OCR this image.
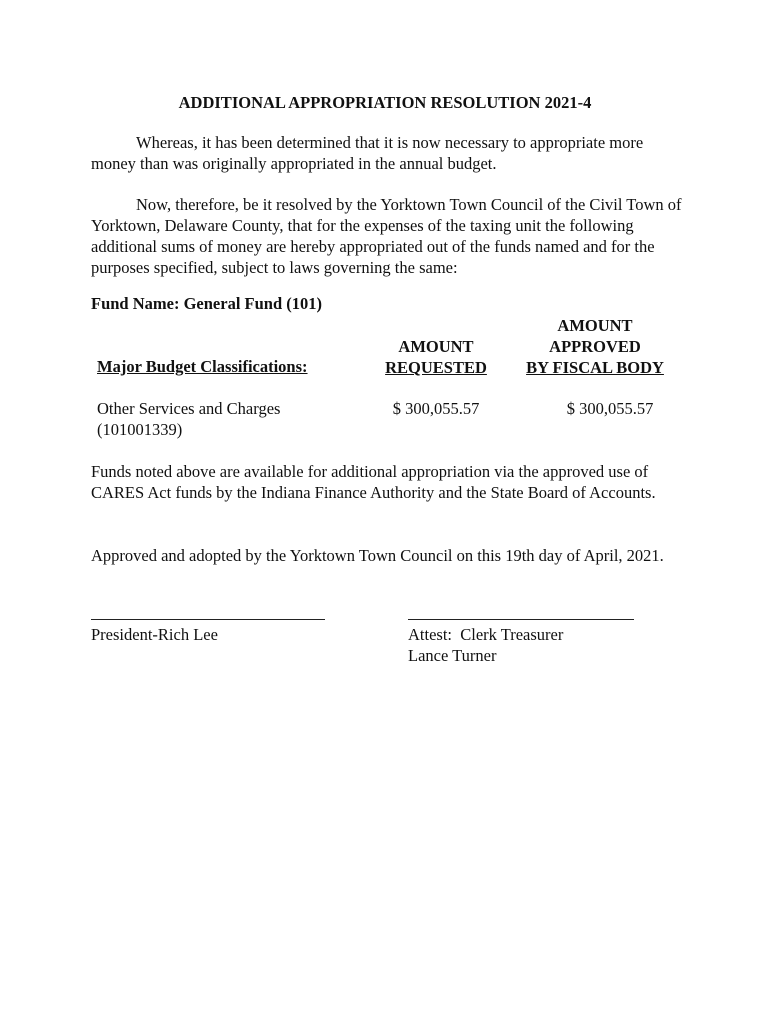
ADDITIONAL APPROPRIATION RESOLUTION 2021-4

Whereas, it has been determined that it is now necessary to appropriate more money than was originally appropriated in the annual budget.

Now, therefore, be it resolved by the Yorktown Town Council of the Civil Town of Yorktown, Delaware County, that for the expenses of the taxing unit the following additional sums of money are hereby appropriated out of the funds named and for the purposes specified, subject to laws governing the same:

Fund Name: General Fund (101)
Major Budget Classifications:
AMOUNT
REQUESTED
AMOUNT
APPROVED
BY FISCAL BODY
Other Services and Charges
(101001339)
$ 300,055.57	$ 300,055.57

Funds noted above are available for additional appropriation via the approved use of CARES Act funds by the Indiana Finance Authority and the State Board of Accounts.

Approved and adopted by the Yorktown Town Council on this 19th day of April, 2021.

President-Rich Lee	Attest:  Clerk Treasurer
Lance Turner
